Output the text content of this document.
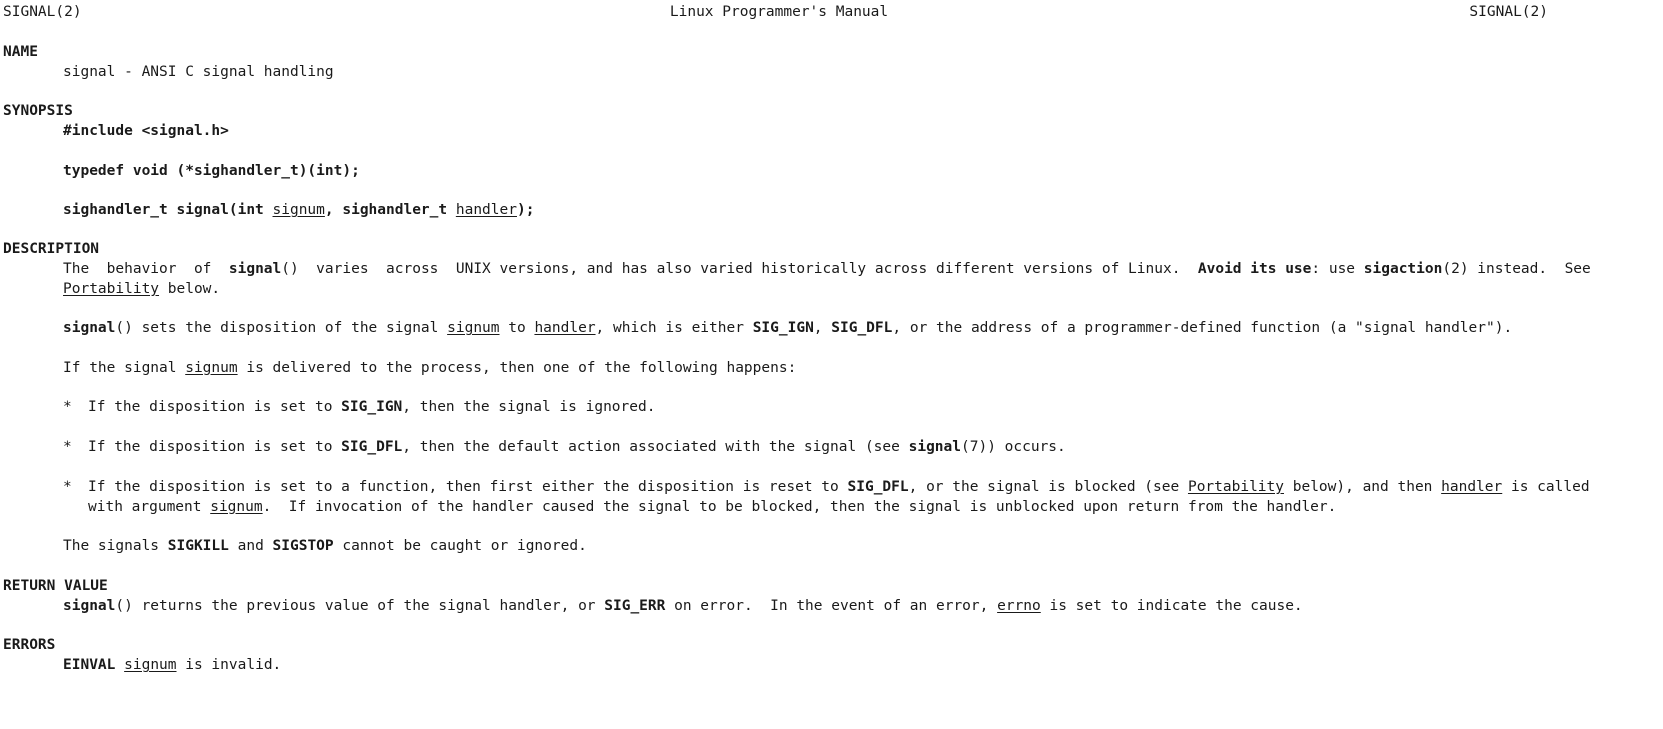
SIGNAL(2)	Linux Programmer's Manual	SIGNAL(2)
NAME
signal - ANSI C signal handling
SYNOPSIS
#include <signal.h>
typedef void (*sighandler_t)(int);
sighandler_t signal(int signum, sighandler_t handler);
DESCRIPTION
The  behavior  of  signal()  varies  across  UNIX versions, and has also varied historically across different versions of Linux.  Avoid its use: use sigaction(2) instead.  See
Portability below.
signal() sets the disposition of the signal signum to handler, which is either SIG_IGN, SIG_DFL, or the address of a programmer-defined function (a "signal handler").
If the signal signum is delivered to the process, then one of the following happens:
* If the disposition is set to SIG_IGN, then the signal is ignored.
* If the disposition is set to SIG_DFL, then the default action associated with the signal (see signal(7)) occurs.
* If the disposition is set to a function, then first either the disposition is reset to SIG_DFL, or the signal is blocked (see Portability below), and then handler is called
with argument signum.  If invocation of the handler caused the signal to be blocked, then the signal is unblocked upon return from the handler.
The signals SIGKILL and SIGSTOP cannot be caught or ignored.
RETURN VALUE
signal() returns the previous value of the signal handler, or SIG_ERR on error.  In the event of an error, errno is set to indicate the cause.
ERRORS
EINVAL signum is invalid.
